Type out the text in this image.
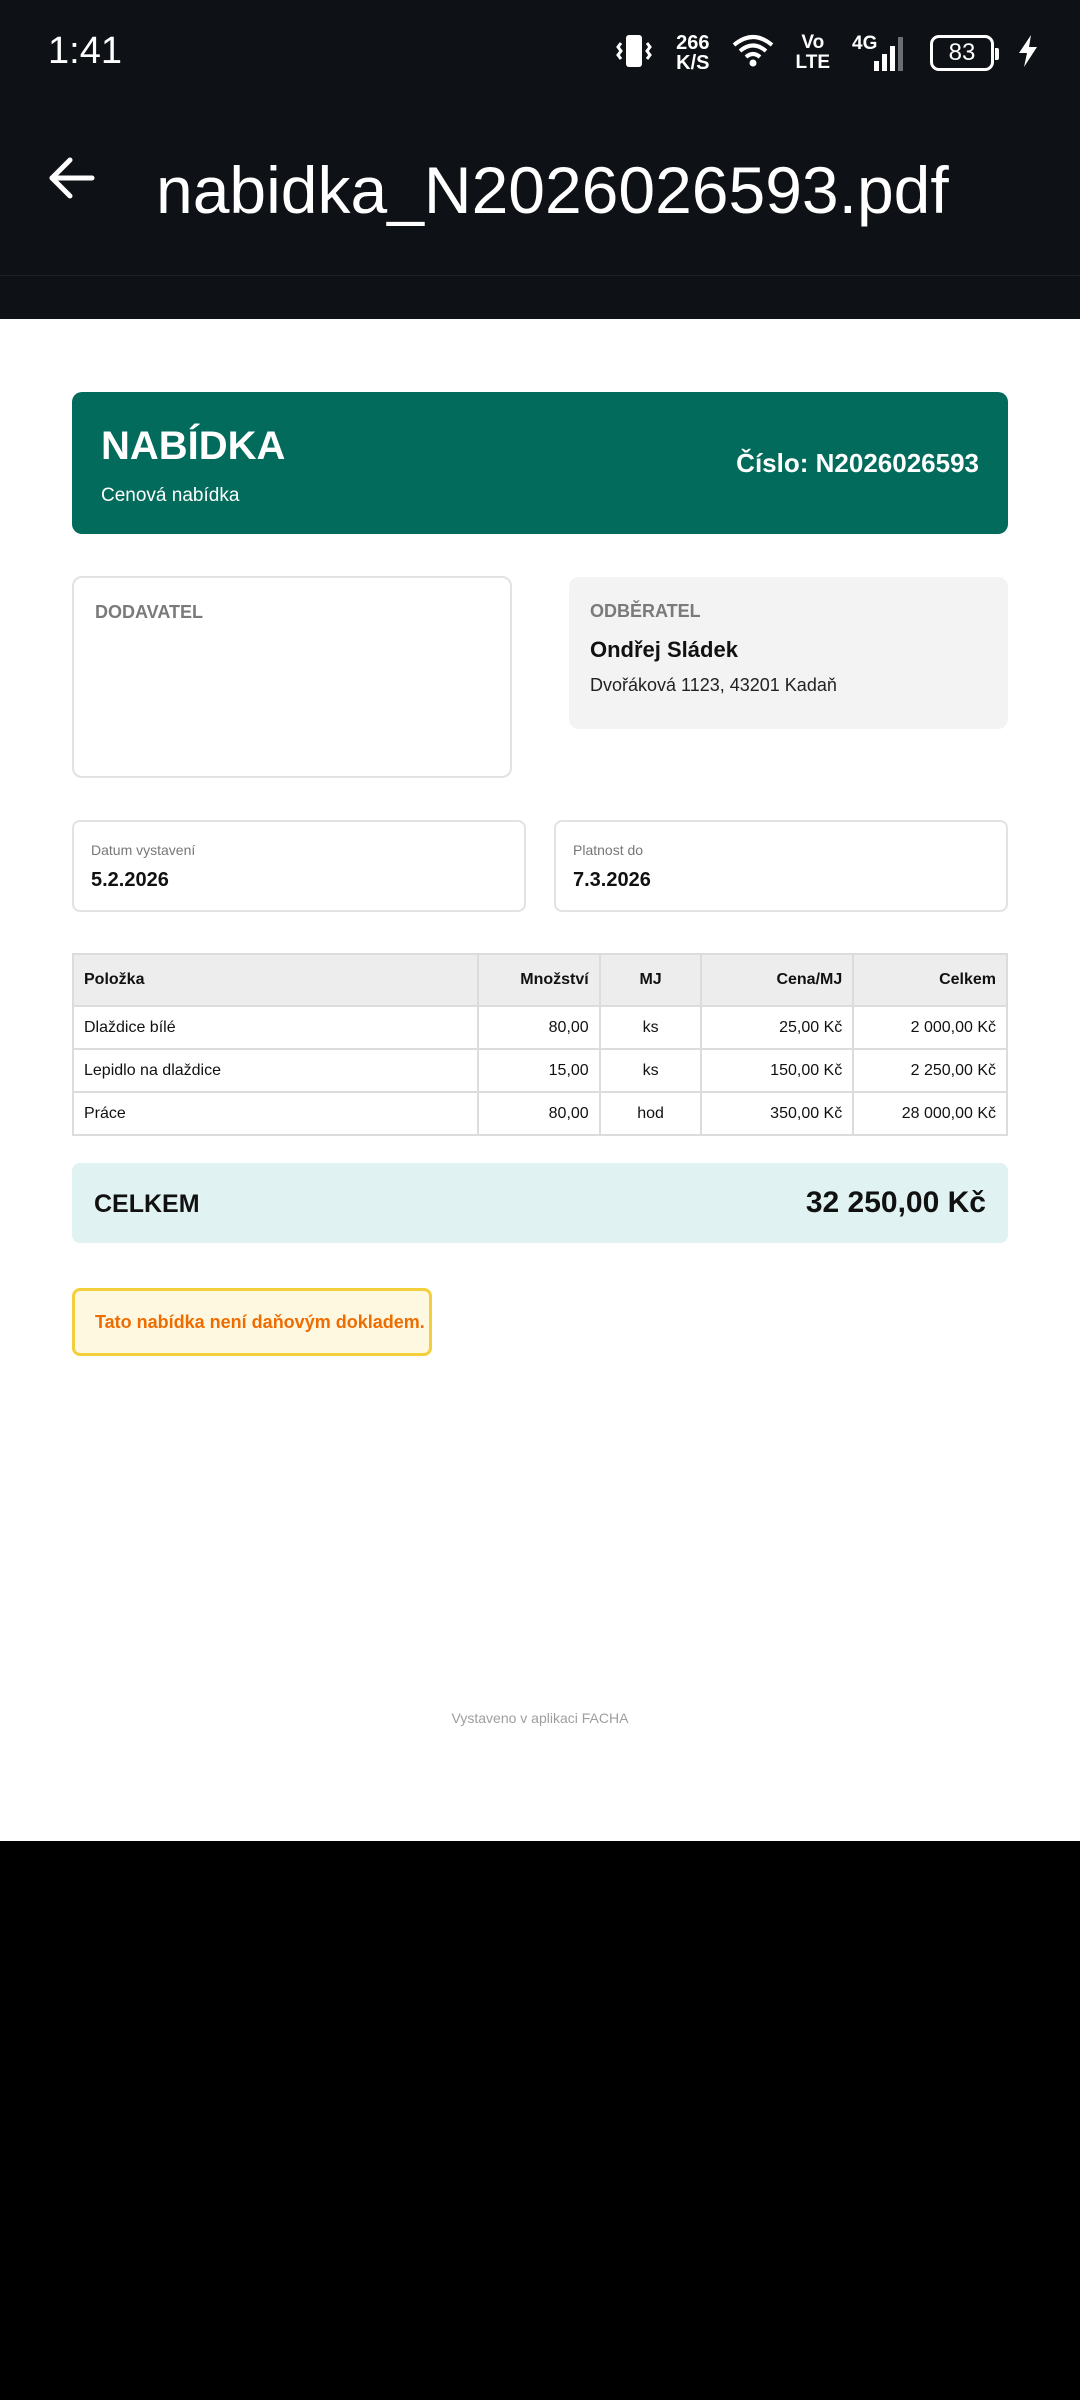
1:41	266
K/S
Vo
LTE
4G	83
nabidka_N2026026593.pdf
NABÍDKA
Cenová nabídka
Číslo: N2026026593
DODAVATEL	ODBĚRATEL
Ondřej Sládek
Dvořáková 1123, 43201 Kadaň
Datum vystavení
5.2.2026
Platnost do
7.3.2026
Položka	Množství	MJ	Cena/MJ	Celkem
Dlaždice bílé	80,00	ks	25,00 Kč	2 000,00 Kč
Lepidlo na dlaždice	15,00	ks	150,00 Kč	2 250,00 Kč
Práce	80,00	hod	350,00 Kč	28 000,00 Kč
CELKEM	32 250,00 Kč
Tato nabídka není daňovým dokladem.
Vystaveno v aplikaci FACHA
